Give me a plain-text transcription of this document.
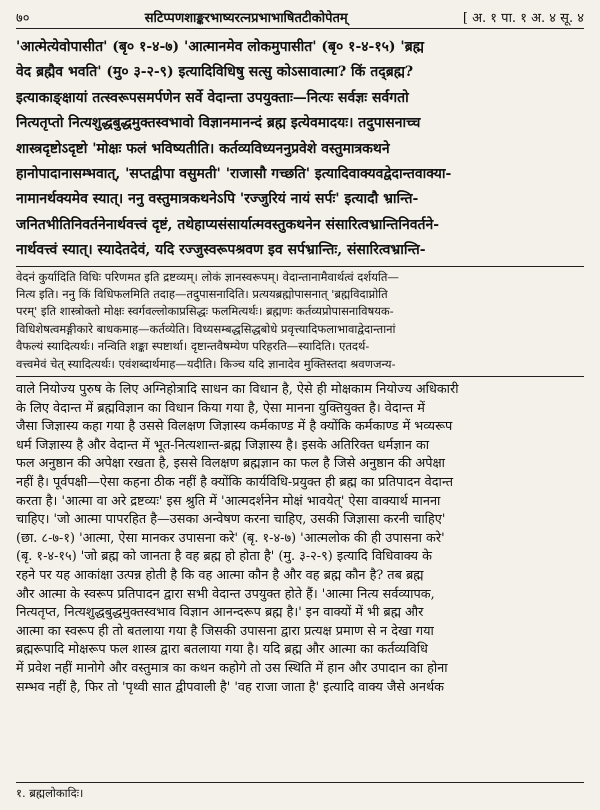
७०	सटिप्पणशाङ्करभाष्यरत्नप्रभाभाषितटीकोपेतम्	[ अ. १ पा. १ अ. ४ सू. ४

'आत्मेत्येवोपासीत' (बृ० १-४-७) 'आत्मानमेव लोकमुपासीत' (बृ० १-४-१५) 'ब्रह्म

वेद ब्रह्मैव भवति' (मु० ३-२-९) इत्यादिविधिषु सत्सु कोऽसावात्मा? किं तद्ब्रह्म?

इत्याकाङ्क्षायां तत्स्वरूपसमर्पणेन सर्वे वेदान्ता उपयुक्ताः—नित्यः सर्वज्ञः सर्वगतो

नित्यतृप्तो नित्यशुद्धबुद्धमुक्तस्वभावो विज्ञानमानन्दं ब्रह्म इत्येवमादयः। तदुपासनाच्च

शास्त्रदृष्टोऽदृष्टो 'मोक्षः फलं भविष्यतीति। कर्तव्यविध्यननुप्रवेशे वस्तुमात्रकथने

हानोपादानासम्भवात्, 'सप्तद्वीपा वसुमती' 'राजासौ गच्छति' इत्यादिवाक्यवद्वेदान्तवाक्या-

नामानर्थक्यमेव स्यात्। ननु वस्तुमात्रकथनेऽपि 'रज्जुरियं नायं सर्पः' इत्यादौ भ्रान्ति-

जनितभीतिनिवर्तनेनार्थवत्त्वं दृष्टं, तथेहाप्यसंसार्यात्मवस्तुकथनेन संसारित्वभ्रान्तिनिवर्तने-

नार्थवत्त्वं स्यात्। स्यादेतदेवं, यदि रज्जुस्वरूपश्रवण इव सर्पभ्रान्तिः, संसारित्वभ्रान्ति-

वेदनं कुर्यादिति विधिः परिणमत इति द्रष्टव्यम्। लोकं ज्ञानस्वरूपम्। वेदान्तानामैवार्थत्वं दर्शयति—

नित्य इति। ननु किं विधिफलमिति तदाह—तदुपासनादिति। प्रत्ययब्रह्मोपासनात् 'ब्रह्मविदाप्नोति

परम्' इति शास्त्रोक्तो मोक्षः स्वर्गवल्लोकाप्रसिद्धः फलमित्यर्थः। ब्रह्मणः कर्तव्यप्रोपासनाविषयक-

विधिशेषत्वमङ्गीकारे बाधकमाह—कर्तव्येति। विध्यसम्बद्धसिद्धबोधे प्रवृत्त्यादिफलाभावाद्वेदान्तानां

वैफल्यं स्यादित्यर्थः। नन्विति शङ्का स्पष्टार्था। दृष्टान्तवैषम्येण परिहरति—स्यादिति। एतदर्थ-

वत्त्वमेवं चेत् स्यादित्यर्थः। एवंशब्दार्थमाह—यदीति। किञ्च यदि ज्ञानादेव मुक्तिस्तदा श्रवणजन्य-

वाले नियोज्य पुरुष के लिए अग्निहोत्रादि साधन का विधान है, ऐसे ही मोक्षकाम नियोज्य अधिकारी

के लिए वेदान्त में ब्रह्मविज्ञान का विधान किया गया है, ऐसा मानना युक्तियुक्त है। वेदान्त में

जैसा जिज्ञास्य कहा गया है उससे विलक्षण जिज्ञास्य कर्मकाण्ड में है क्योंकि कर्मकाण्ड में भव्यरूप

धर्म जिज्ञास्य है और वेदान्त में भूत-नित्यशान्त-ब्रह्म जिज्ञास्य है। इसके अतिरिक्त धर्मज्ञान का

फल अनुष्ठान की अपेक्षा रखता है, इससे विलक्षण ब्रह्मज्ञान का फल है जिसे अनुष्ठान की अपेक्षा

नहीं है। पूर्वपक्षी—ऐसा कहना ठीक नहीं है क्योंकि कार्यविधि-प्रयुक्त ही ब्रह्म का प्रतिपादन वेदान्त

करता है। 'आत्मा वा अरे द्रष्टव्यः' इस श्रुति में 'आत्मदर्शनेन मोक्षं भावयेत्' ऐसा वाक्यार्थ मानना

चाहिए। 'जो आत्मा पापरहित है—उसका अन्वेषण करना चाहिए, उसकी जिज्ञासा करनी चाहिए'

(छा. ८-७-१) 'आत्मा, ऐसा मानकर उपासना करे' (बृ. १-४-७) 'आत्मलोक की ही उपासना करे'

(बृ. १-४-१५) 'जो ब्रह्म को जानता है वह ब्रह्म हो होता है' (मु. ३-२-९) इत्यादि विधिवाक्य के

रहने पर यह आकांक्षा उत्पन्न होती है कि वह आत्मा कौन है और वह ब्रह्म कौन है? तब ब्रह्म

और आत्मा के स्वरूप प्रतिपादन द्वारा सभी वेदान्त उपयुक्त होते हैं। 'आत्मा नित्य सर्वव्यापक,

नित्यतृप्त, नित्यशुद्धबुद्धमुक्तस्वभाव विज्ञान आनन्दरूप ब्रह्म है।' इन वाक्यों में भी ब्रह्म और

आत्मा का स्वरूप ही तो बतलाया गया है जिसकी उपासना द्वारा प्रत्यक्ष प्रमाण से न देखा गया

ब्रह्मरूपादि मोक्षरूप फल शास्त्र द्वारा बतलाया गया है। यदि ब्रह्म और आत्मा का कर्तव्यविधि

में प्रवेश नहीं मानोगे और वस्तुमात्र का कथन कहोगे तो उस स्थिति में हान और उपादान का होना

सम्भव नहीं है, फिर तो 'पृथ्वी सात द्वीपवाली है' 'वह राजा जाता है' इत्यादि वाक्य जैसे अनर्थक

१. ब्रह्मलोकादिः।
